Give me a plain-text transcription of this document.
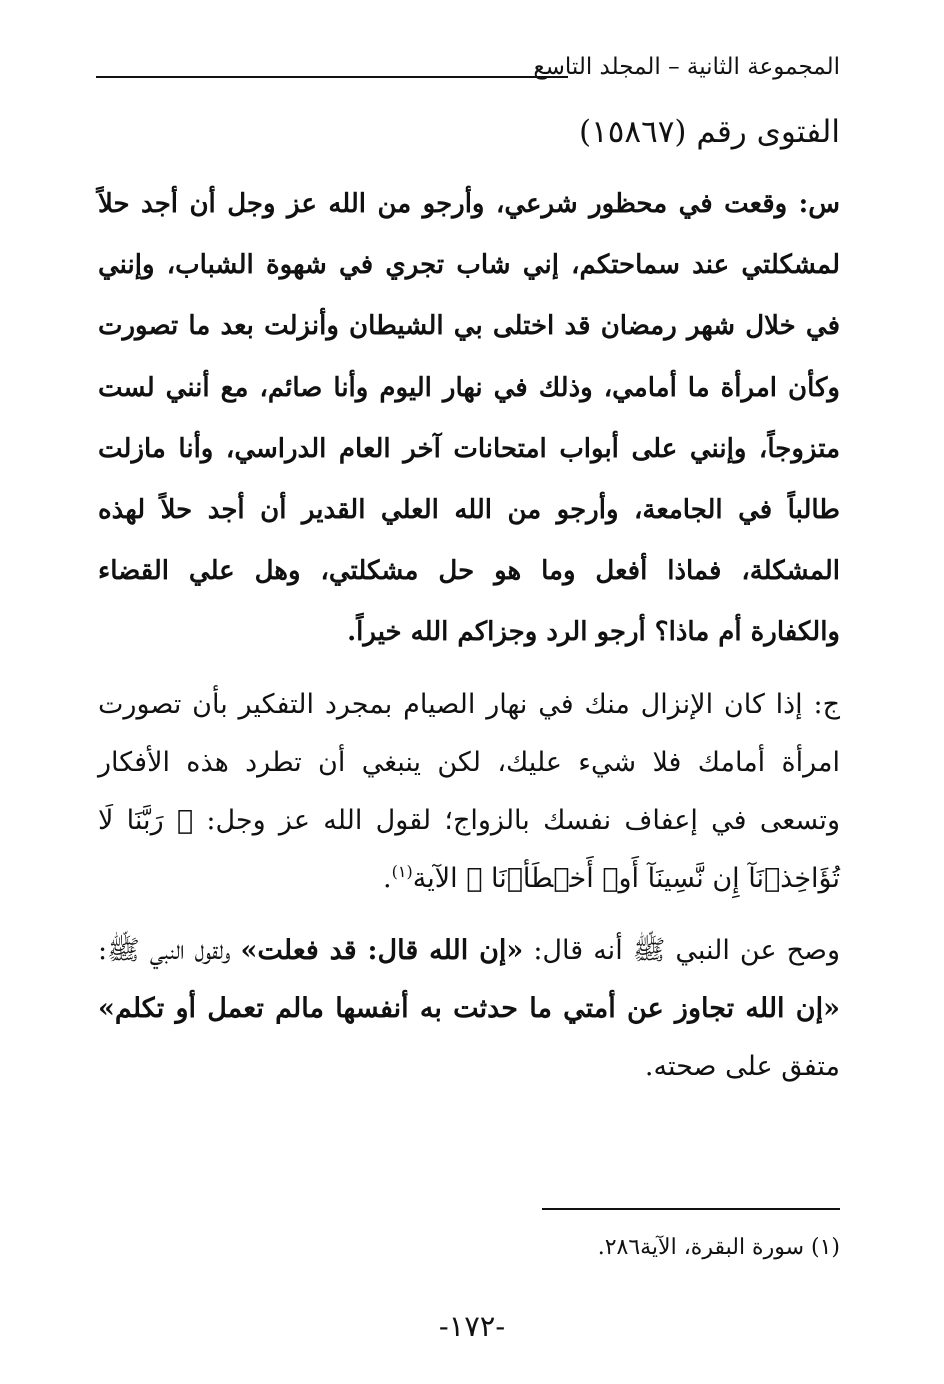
المجموعة الثانية – المجلد التاسع
الفتوى رقم (١٥٨٦٧)

س: وقعت في محظور شرعي، وأرجو من الله عز وجل أن أجد حلاً لمشكلتي عند سماحتكم، إني شاب تجري في شهوة الشباب، وإنني في خلال شهر رمضان قد اختلى بي الشيطان وأنزلت بعد ما تصورت وكأن امرأة ما أمامي، وذلك في نهار اليوم وأنا صائم، مع أنني لست متزوجاً، وإنني على أبواب امتحانات آخر العام الدراسي، وأنا مازلت طالباً في الجامعة، وأرجو من الله العلي القدير أن أجد حلاً لهذه المشكلة، فماذا أفعل وما هو حل مشكلتي، وهل علي القضاء والكفارة أم ماذا؟ أرجو الرد وجزاكم الله خيراً.

ج: إذا كان الإنزال منك في نهار الصيام بمجرد التفكير بأن تصورت امرأة أمامك فلا شيء عليك، لكن ينبغي أن تطرد هذه الأفكار وتسعى في إعفاف نفسك بالزواج؛ لقول الله عز وجل: ﴿ رَبَّنَا لَا تُؤَاخِذۡنَآ إِن نَّسِينَآ أَوۡ أَخۡطَأۡنَا ﴾ الآية$^{(١)}$.

وصح عن النبي ﷺ أنه قال: «إن الله قال: قد فعلت» ولقول النبي ﷺ: «إن الله تجاوز عن أمتي ما حدثت به أنفسها مالم تعمل أو تكلم» متفق على صحته.

(١) سورة البقرة، الآية٢٨٦.
-١٧٢-
